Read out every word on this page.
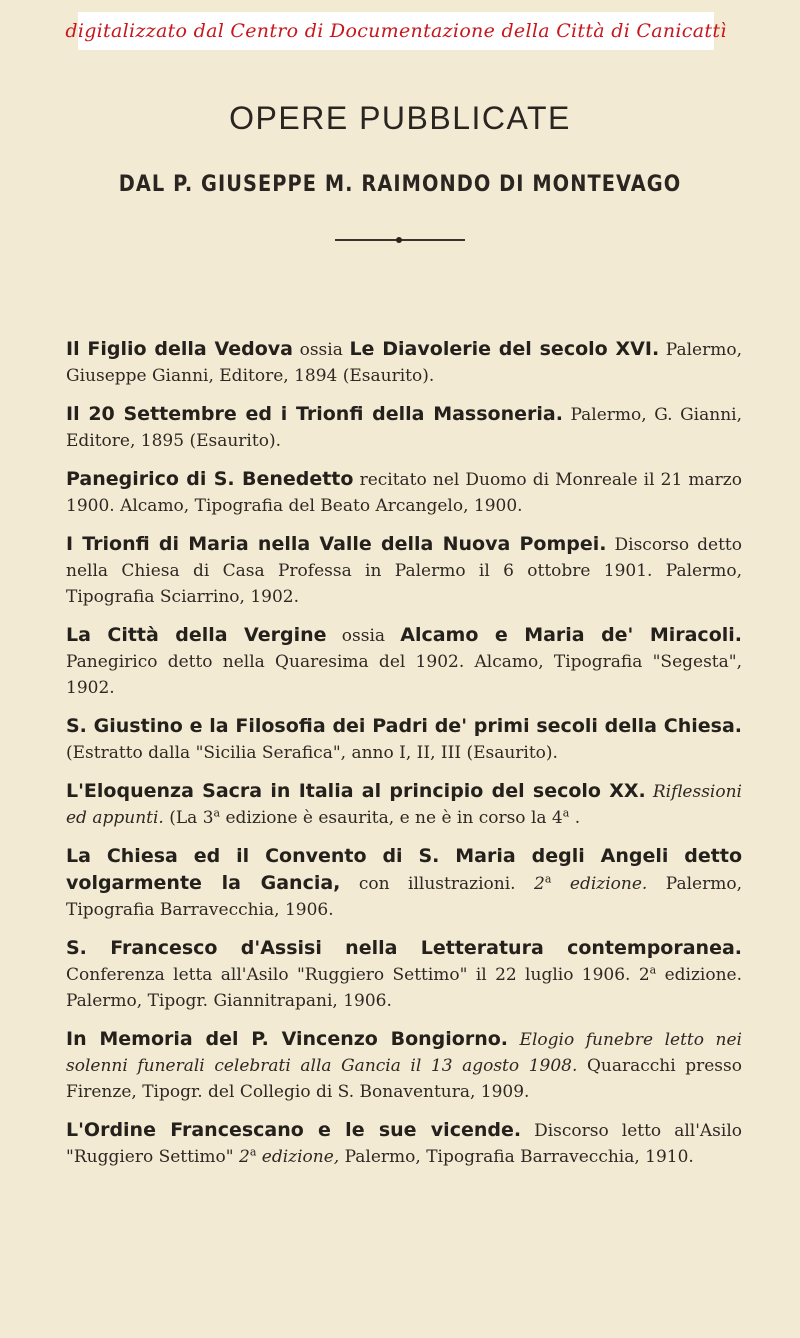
digitalizzato dal Centro di Documentazione della Città di Canicattì
OPERE PUBBLICATE
DAL P. GIUSEPPE M. RAIMONDO DI MONTEVAGO
Il Figlio della Vedova ossia Le Diavolerie del secolo XVI. Palermo, Giuseppe Gianni, Editore, 1894 (Esaurito).
Il 20 Settembre ed i Trionfi della Massoneria. Palermo, G. Gianni, Editore, 1895 (Esaurito).
Panegirico di S. Benedetto recitato nel Duomo di Monreale il 21 marzo 1900. Alcamo, Tipografia del Beato Arcangelo, 1900.
I Trionfi di Maria nella Valle della Nuova Pompei. Discorso detto nella Chiesa di Casa Professa in Palermo il 6 ottobre 1901. Palermo, Tipografia Sciarrino, 1902.
La Città della Vergine ossia Alcamo e Maria de' Miracoli. Panegirico detto nella Quaresima del 1902. Alcamo, Tipografia "Segesta", 1902.
S. Giustino e la Filosofia dei Padri de' primi secoli della Chiesa. (Estratto dalla "Sicilia Serafica", anno I, II, III (Esaurito).
L'Eloquenza Sacra in Italia al principio del secolo XX. Riflessioni ed appunti. (La 3$^a$ edizione è esaurita, e ne è in corso la 4$^a$ .
La Chiesa ed il Convento di S. Maria degli Angeli detto volgarmente la Gancia, con illustrazioni. 2$^a$ edizione. Palermo, Tipografia Barravecchia, 1906.
S. Francesco d'Assisi nella Letteratura contemporanea. Conferenza letta all'Asilo "Ruggiero Settimo" il 22 luglio 1906. 2$^a$ edizione. Palermo, Tipogr. Giannitrapani, 1906.
In Memoria del P. Vincenzo Bongiorno. Elogio funebre letto nei solenni funerali celebrati alla Gancia il 13 agosto 1908. Quaracchi presso Firenze, Tipogr. del Collegio di S. Bonaventura, 1909.
L'Ordine Francescano e le sue vicende. Discorso letto all'Asilo "Ruggiero Settimo" 2$^a$ edizione, Palermo, Tipografia Barravecchia, 1910.
